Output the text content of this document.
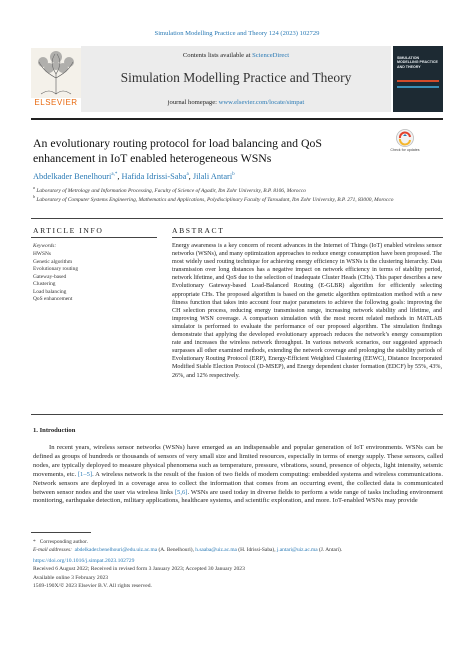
Simulation Modelling Practice and Theory 124 (2023) 102729
ELSEVIER
Contents lists available at ScienceDirect
Simulation Modelling Practice and Theory
journal homepage: www.elsevier.com/locate/simpat
SIMULATION MODELLING PRACTICE AND THEORY
An evolutionary routing protocol for load balancing and QoS enhancement in IoT enabled heterogeneous WSNs
Check for updates
Abdelkader Benelhouri$^{a,*}$, Hafida Idrissi-Saba$^a$, Jilali Antari$^b$
$^a$ Laboratory of Metrology and Information Processing, Faculty of Science of Agadir, Ibn Zohr University, B.P. 8106, Morocco
$^b$ Laboratory of Computer Systems Engineering, Mathematics and Applications, Polydisciplinary Faculty of Taroudant, Ibn Zohr University, B.P. 271, 83000, Morocco
ARTICLE INFO	ABSTRACT
Keywords:
HWSNs
Genetic algorithm
Evolutionary routing
Gateway-based
Clustering
Load balancing
QoS enhancement
Energy awareness is a key concern of recent advances in the Internet of Things (IoT) enabled wireless sensor networks (WSNs), and many optimization approaches to reduce energy consumption have been proposed. The most widely used routing technique for achieving energy efficiency in WSNs is the clustering hierarchy. Data transmission over long distances has a negative impact on network efficiency in terms of stability period, network lifetime, and QoS due to the selection of inadequate Cluster Heads (CHs). This paper describes a new Evolutionary Gateway-based Load-Balanced Routing (E-GLBR) algorithm for efficiently selecting appropriate CHs. The proposed algorithm is based on the genetic algorithm optimization method with a new fitness function that takes into account four major parameters to achieve the following goals: improving the CH selection process, reducing energy transmission range, increasing network stability and lifetime, and improving WSN coverage. A comparison simulation with the most recent related methods in MATLAB simulator is performed to evaluate the performance of our proposed algorithm. The simulation findings demonstrate that applying the developed evolutionary approach reduces the network’s energy consumption rate and increases the wireless network throughput. In various network scenarios, our suggested approach surpasses all other examined methods, extending the network coverage and prolonging the stability periods of Evolutionary Routing Protocol (ERP), Energy-Efficient Weighted Clustering (EEWC), Distance Incorporated Modified Stable Election Protocol (D-MSEP), and Energy dependent cluster formation (EDCF) by 55%, 43%, 26%, and 12% respectively.
1. Introduction
In recent years, wireless sensor networks (WSNs) have emerged as an indispensable and popular generation of IoT environments. WSNs can be defined as groups of hundreds or thousands of sensors of very small size and limited resources, especially in terms of energy supply. These sensors, called nodes, are typically deployed to measure physical phenomena such as temperature, pressure, vibrations, sound, presence of objects, light intensity, seismic movements, etc. [1–5]. A wireless network is the result of the fusion of two fields of modern computing: embedded systems and wireless communications. Network sensors are deployed in a coverage area to collect the information that comes from an occurring event, the collected data is communicated between sensor nodes and the user via wireless links [5,6]. WSNs are used today in diverse fields to perform a wide range of tasks including environment monitoring, earthquake detection, military applications, healthcare systems, and scientific exploration, and more. IoT-enabled WSNs may provide
*   Corresponding author.
E-mail addresses: abdelkader.benelhouri@edu.uiz.ac.ma (A. Benelhouri), h.saaba@uiz.ac.ma (H. Idrissi-Saba), j.antari@uiz.ac.ma (J. Antari).
https://doi.org/10.1016/j.simpat.2023.102729
Received 6 August 2022; Received in revised form 3 January 2023; Accepted 30 January 2023
Available online 3 February 2023
1569-190X/© 2023 Elsevier B.V. All rights reserved.
